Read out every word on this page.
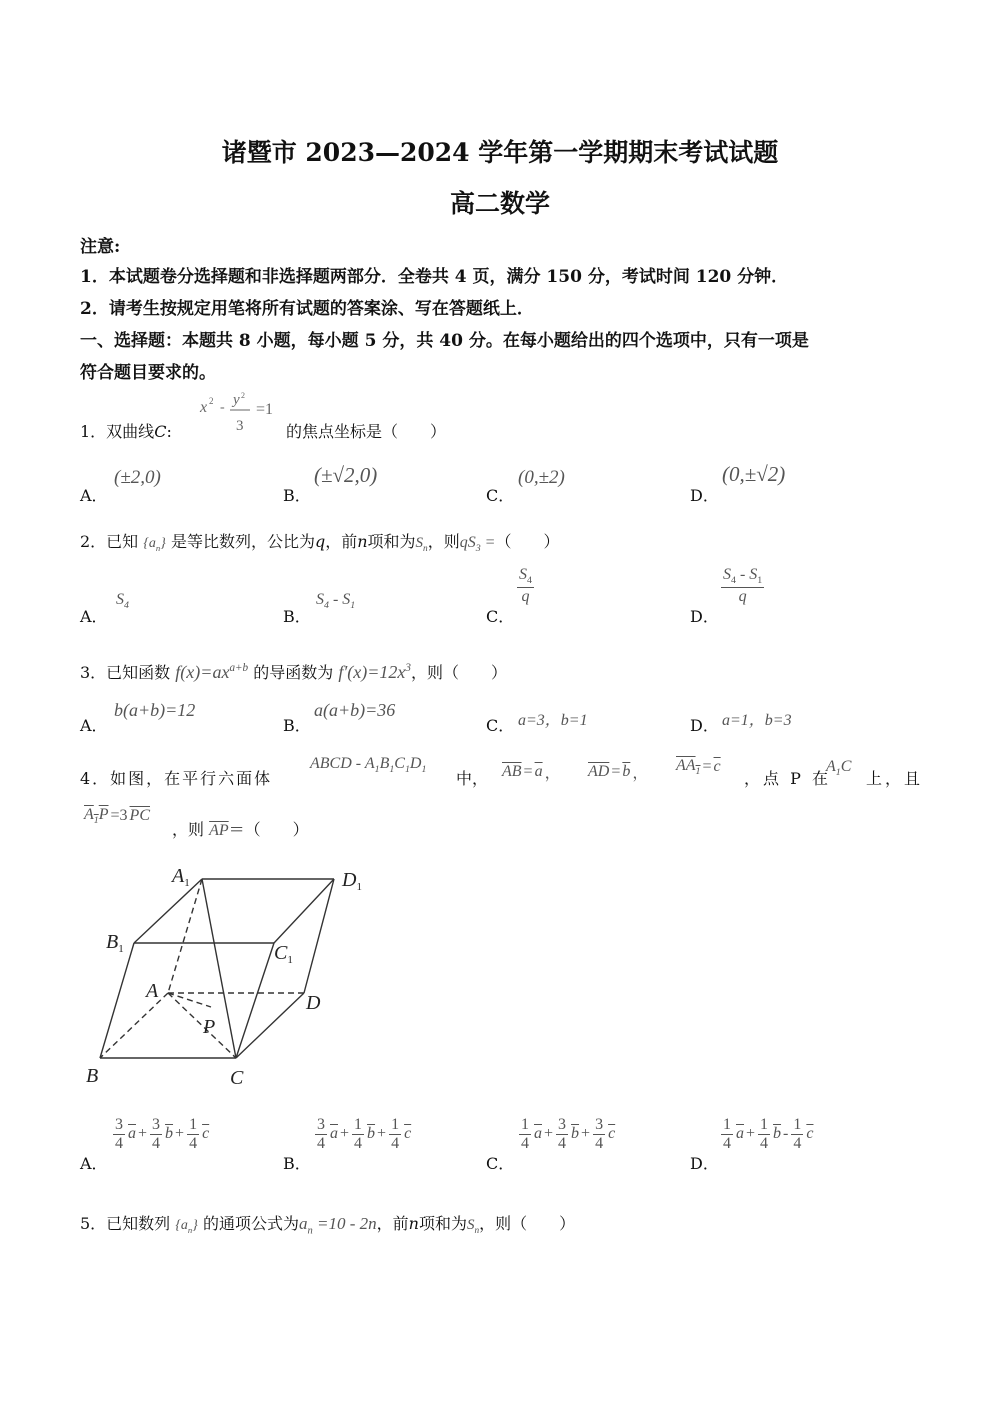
诸暨市 2023—2024 学年第一学期期末考试试题
高二数学
注意:
1．本试题卷分选择题和非选择题两部分．全卷共 4 页，满分 150 分，考试时间 120 分钟．
2．请考生按规定用笔将所有试题的答案涂、写在答题纸上．
一、选择题：本题共 8 小题，每小题 5 分，共 40 分。在每小题给出的四个选项中，只有一项是
符合题目要求的。
1．双曲线C:
x 2 - y 2
3
=1
的焦点坐标是（　　）
A．
(±2,0)
B．
(±√2,0)
C．
(0,±2)
D．
(0,±√2)
2．已知 $\{a_n\}$ 是等比数列，公比为q，前n项和为$S_n$，则$qS_3$ =（　　）
A．
$S_4$
B．
$S_4 - S_1$
C．
$\frac{S_4}{q}$
D．
$\frac{S_4 - S_1}{q}$
3．已知函数 $f(x)=ax^{a+b}$ 的导函数为 $f'(x)=12x^3$，则（　　）
A．
b(a+b)=12
B．
a(a+b)=36
C． a=3，b=1	D． a=1，b=3
4．如图，在平行六面体
ABCD - $A_1B_1C_1D_1$ 中， $\overline{AB} = \overline{a}$ ， $\overline{AD} = \overline{b}$ ， $AA_1 = \overline{c}$
，点 P 在
$A_1C$
上，且
$A_1P =3$ $\overline{PC}$
，则 $\overline{AP}$ ＝（　　）
$A_1$	$D_1$
$B_1$	$C_1$
A
D
P
B	C
A．
$\frac{3}{4} \overline{a} + \frac{3}{4} \overline{b} + \frac{1}{4} \overline{c}$
B．
$\frac{3}{4} \overline{a} + \frac{1}{4} \overline{b} + \frac{1}{4} \overline{c}$
C．
$\frac{1}{4} \overline{a} + \frac{3}{4} \overline{b} + \frac{3}{4} \overline{c}$
D．
$\frac{1}{4} \overline{a} + \frac{1}{4} \overline{b} - \frac{1}{4} \overline{c}$
5．已知数列 $\{a_n\}$ 的通项公式为$a_n =10 - 2n$，前n项和为$S_n$，则（　　）
